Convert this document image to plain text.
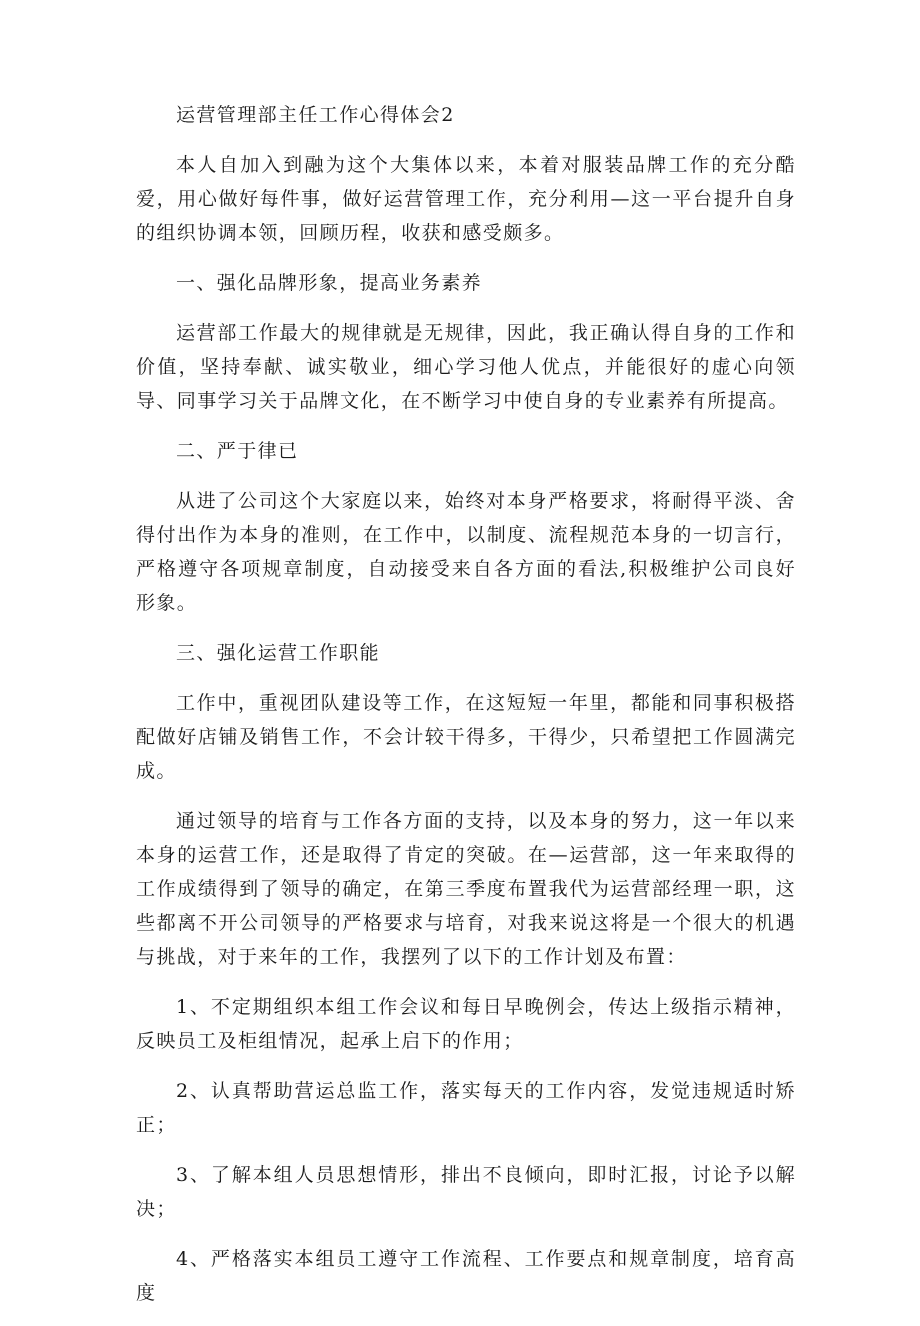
运营管理部主任工作心得体会2

本人自加入到融为这个大集体以来，本着对服装品牌工作的充分酷爱，用心做好每件事，做好运营管理工作，充分利用—这一平台提升自身的组织协调本领，回顾历程，收获和感受颇多。

一、强化品牌形象，提高业务素养

运营部工作最大的规律就是无规律，因此，我正确认得自身的工作和价值，坚持奉献、诚实敬业，细心学习他人优点，并能很好的虚心向领导、同事学习关于品牌文化，在不断学习中使自身的专业素养有所提高。

二、严于律已

从进了公司这个大家庭以来，始终对本身严格要求，将耐得平淡、舍得付出作为本身的准则，在工作中，以制度、流程规范本身的一切言行，严格遵守各项规章制度，自动接受来自各方面的看法,积极维护公司良好形象。

三、强化运营工作职能

工作中，重视团队建设等工作，在这短短一年里，都能和同事积极搭配做好店铺及销售工作，不会计较干得多，干得少，只希望把工作圆满完成。

通过领导的培育与工作各方面的支持，以及本身的努力，这一年以来本身的运营工作，还是取得了肯定的突破。在—运营部，这一年来取得的工作成绩得到了领导的确定，在第三季度布置我代为运营部经理一职，这些都离不开公司领导的严格要求与培育，对我来说这将是一个很大的机遇与挑战，对于来年的工作，我摆列了以下的工作计划及布置：

1、不定期组织本组工作会议和每日早晚例会，传达上级指示精神，反映员工及柜组情况，起承上启下的作用；

2、认真帮助营运总监工作，落实每天的工作内容，发觉违规适时矫正；

3、了解本组人员思想情形，排出不良倾向，即时汇报，讨论予以解决；

4、严格落实本组员工遵守工作流程、工作要点和规章制度，培育高度
